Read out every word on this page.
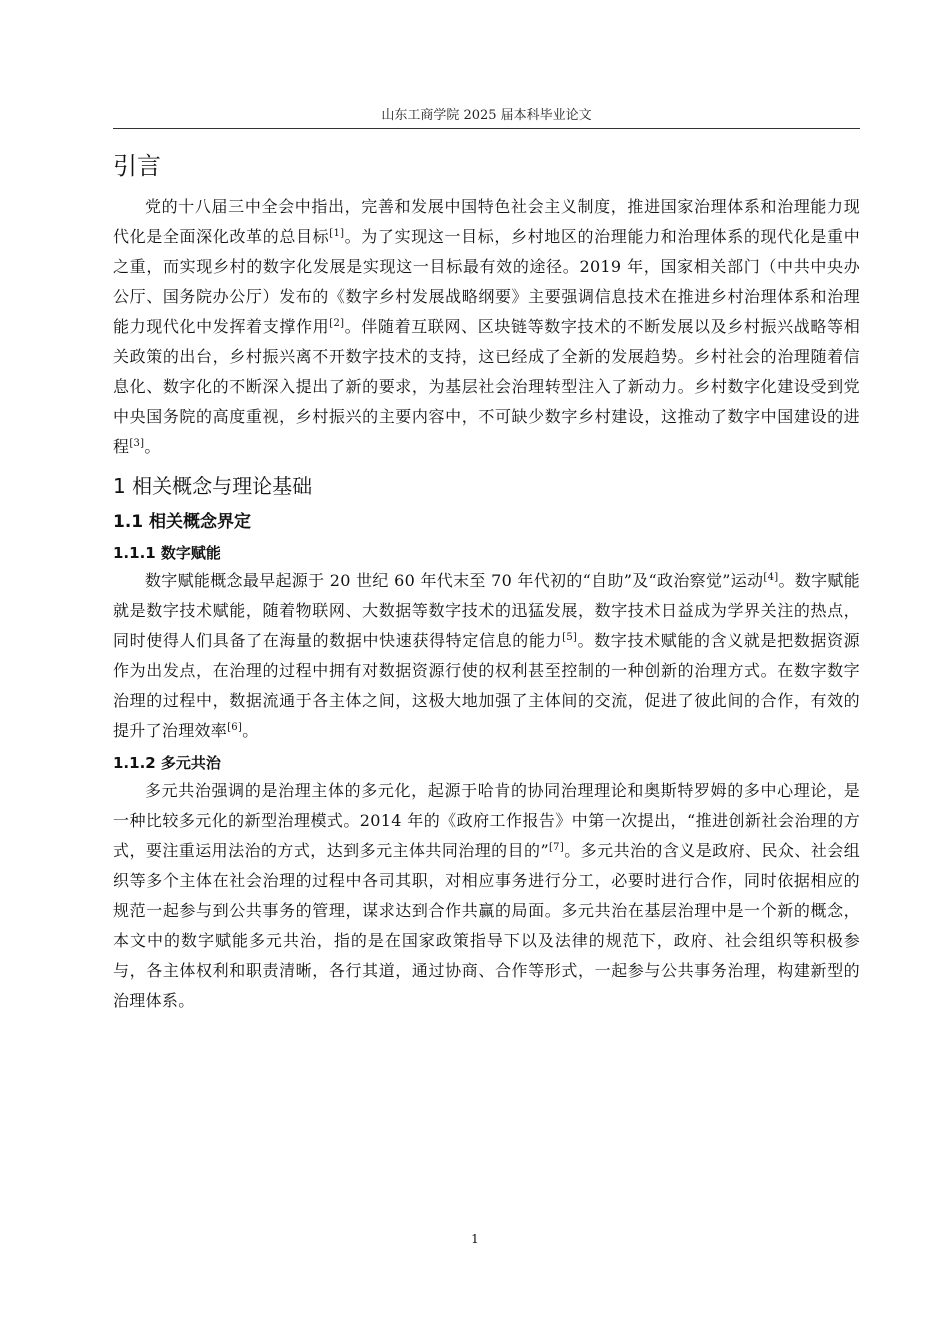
山东工商学院 2025 届本科毕业论文
引言

党的十八届三中全会中指出，完善和发展中国特色社会主义制度，推进国家治理体系和治理能力现代化是全面深化改革的总目标[1]。为了实现这一目标，乡村地区的治理能力和治理体系的现代化是重中之重，而实现乡村的数字化发展是实现这一目标最有效的途径。2019 年，国家相关部门（中共中央办公厅、国务院办公厅）发布的《数字乡村发展战略纲要》主要强调信息技术在推进乡村治理体系和治理能力现代化中发挥着支撑作用[2]。伴随着互联网、区块链等数字技术的不断发展以及乡村振兴战略等相关政策的出台，乡村振兴离不开数字技术的支持，这已经成了全新的发展趋势。乡村社会的治理随着信息化、数字化的不断深入提出了新的要求，为基层社会治理转型注入了新动力。乡村数字化建设受到党中央国务院的高度重视，乡村振兴的主要内容中，不可缺少数字乡村建设，这推动了数字中国建设的进程[3]。

1 相关概念与理论基础
1.1 相关概念界定
1.1.1 数字赋能

数字赋能概念最早起源于 20 世纪 60 年代末至 70 年代初的“自助”及“政治察觉”运动[4]。数字赋能就是数字技术赋能，随着物联网、大数据等数字技术的迅猛发展，数字技术日益成为学界关注的热点，同时使得人们具备了在海量的数据中快速获得特定信息的能力[5]。数字技术赋能的含义就是把数据资源作为出发点，在治理的过程中拥有对数据资源行使的权利甚至控制的一种创新的治理方式。在数字数字治理的过程中，数据流通于各主体之间，这极大地加强了主体间的交流，促进了彼此间的合作，有效的提升了治理效率[6]。

1.1.2 多元共治

多元共治强调的是治理主体的多元化，起源于哈肯的协同治理理论和奥斯特罗姆的多中心理论，是一种比较多元化的新型治理模式。2014 年的《政府工作报告》中第一次提出，“推进创新社会治理的方式，要注重运用法治的方式，达到多元主体共同治理的目的”[7]。多元共治的含义是政府、民众、社会组织等多个主体在社会治理的过程中各司其职，对相应事务进行分工，必要时进行合作，同时依据相应的规范一起参与到公共事务的管理，谋求达到合作共赢的局面。多元共治在基层治理中是一个新的概念，本文中的数字赋能多元共治，指的是在国家政策指导下以及法律的规范下，政府、社会组织等积极参与，各主体权利和职责清晰，各行其道，通过协商、合作等形式，一起参与公共事务治理，构建新型的治理体系。

1
